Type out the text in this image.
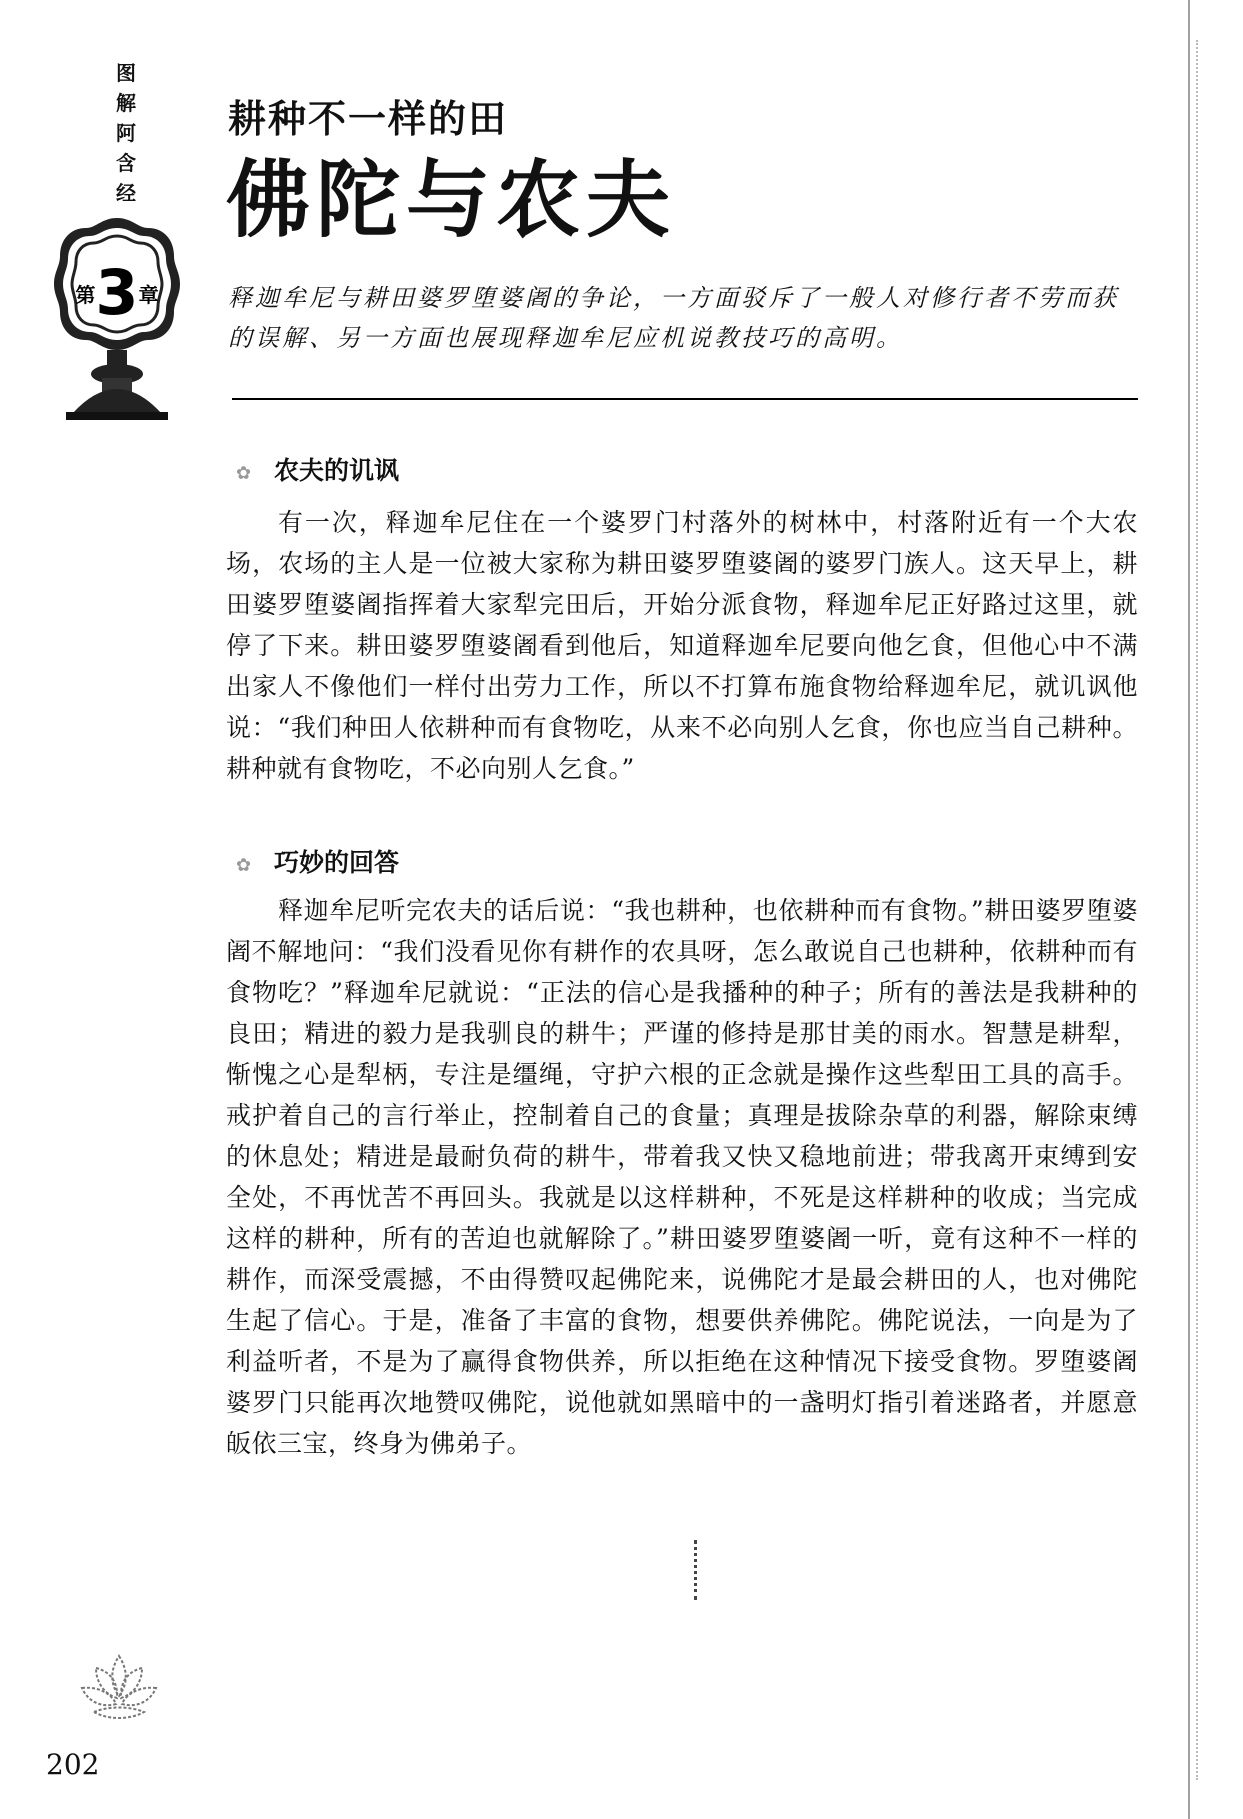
图
解
阿
含
经
第3章
耕种不一样的田
佛陀与农夫

释迦牟尼与耕田婆罗堕婆阇的争论，一方面驳斥了一般人对修行者不劳而获的误解、另一方面也展现释迦牟尼应机说教技巧的高明。

✿ 农夫的讥讽

有一次，释迦牟尼住在一个婆罗门村落外的树林中，村落附近有一个大农场，农场的主人是一位被大家称为耕田婆罗堕婆阇的婆罗门族人。这天早上，耕田婆罗堕婆阇指挥着大家犁完田后，开始分派食物，释迦牟尼正好路过这里，就停了下来。耕田婆罗堕婆阇看到他后，知道释迦牟尼要向他乞食，但他心中不满出家人不像他们一样付出劳力工作，所以不打算布施食物给释迦牟尼，就讥讽他说：“我们种田人依耕种而有食物吃，从来不必向别人乞食，你也应当自己耕种。耕种就有食物吃，不必向别人乞食。”

✿ 巧妙的回答

释迦牟尼听完农夫的话后说：“我也耕种，也依耕种而有食物。”耕田婆罗堕婆阇不解地问：“我们没看见你有耕作的农具呀，怎么敢说自己也耕种，依耕种而有食物吃？”释迦牟尼就说：“正法的信心是我播种的种子；所有的善法是我耕种的良田；精进的毅力是我驯良的耕牛；严谨的修持是那甘美的雨水。智慧是耕犁，惭愧之心是犁柄，专注是缰绳，守护六根的正念就是操作这些犁田工具的高手。戒护着自己的言行举止，控制着自己的食量；真理是拔除杂草的利器，解除束缚的休息处；精进是最耐负荷的耕牛，带着我又快又稳地前进；带我离开束缚到安全处，不再忧苦不再回头。我就是以这样耕种，不死是这样耕种的收成；当完成这样的耕种，所有的苦迫也就解除了。”耕田婆罗堕婆阇一听，竟有这种不一样的耕作，而深受震撼，不由得赞叹起佛陀来，说佛陀才是最会耕田的人，也对佛陀生起了信心。于是，准备了丰富的食物，想要供养佛陀。佛陀说法，一向是为了利益听者，不是为了赢得食物供养，所以拒绝在这种情况下接受食物。罗堕婆阇婆罗门只能再次地赞叹佛陀，说他就如黑暗中的一盏明灯指引着迷路者，并愿意皈依三宝，终身为佛弟子。

202
